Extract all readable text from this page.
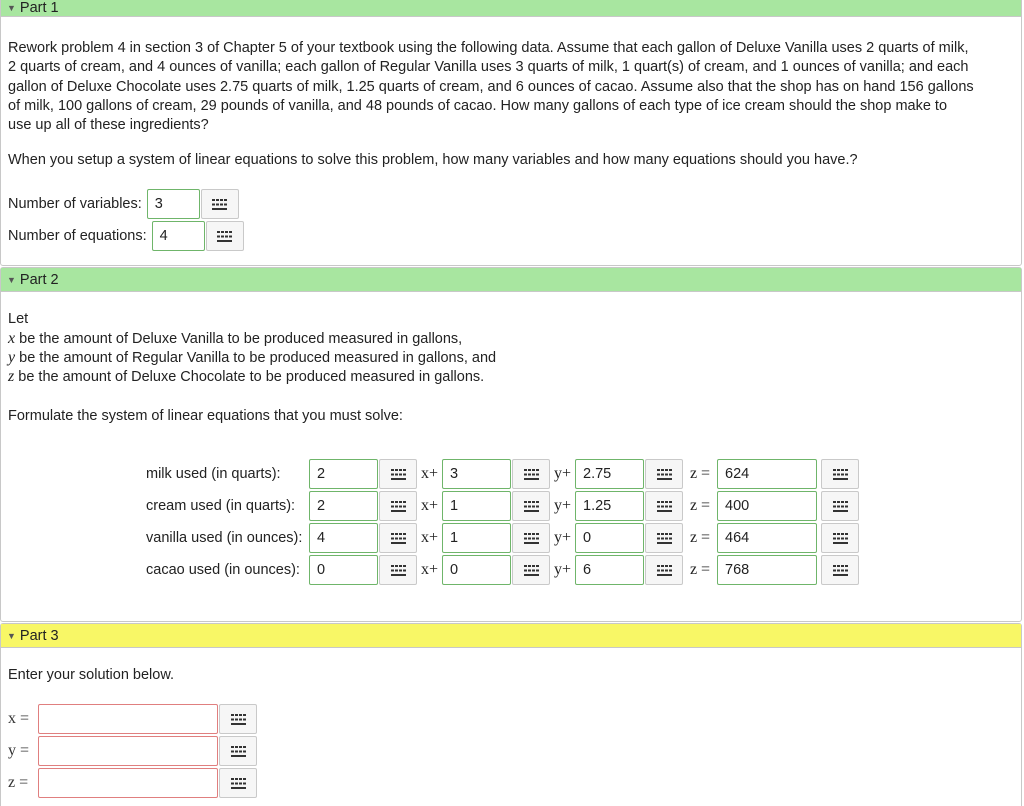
▼ Part 1
Rework problem 4 in section 3 of Chapter 5 of your textbook using the following data. Assume that each gallon of Deluxe Vanilla uses 2 quarts of milk,
2 quarts of cream, and 4 ounces of vanilla; each gallon of Regular Vanilla uses 3 quarts of milk, 1 quart(s) of cream, and 1 ounces of vanilla; and each
gallon of Deluxe Chocolate uses 2.75 quarts of milk, 1.25 quarts of cream, and 6 ounces of cacao. Assume also that the shop has on hand 156 gallons
of milk, 100 gallons of cream, 29 pounds of vanilla, and 48 pounds of cacao. How many gallons of each type of ice cream should the shop make to
use up all of these ingredients?
When you setup a system of linear equations to solve this problem, how many variables and how many equations should you have.?
Number of variables: 3
Number of equations: 4
▼ Part 2
Let
x be the amount of Deluxe Vanilla to be produced measured in gallons,
y be the amount of Regular Vanilla to be produced measured in gallons, and
z be the amount of Deluxe Chocolate to be produced measured in gallons.
Formulate the system of linear equations that you must solve:
milk used (in quarts):	2	x+ 3	y+ 2.75	z =	624
cream used (in quarts):	2	x+ 1	y+ 1.25	z =	400
vanilla used (in ounces):	4	x+ 1	y+ 0	z =	464
cacao used (in ounces):	0	x+ 0	y+ 6	z =	768
▼ Part 3
Enter your solution below.
x =
y =
z =
